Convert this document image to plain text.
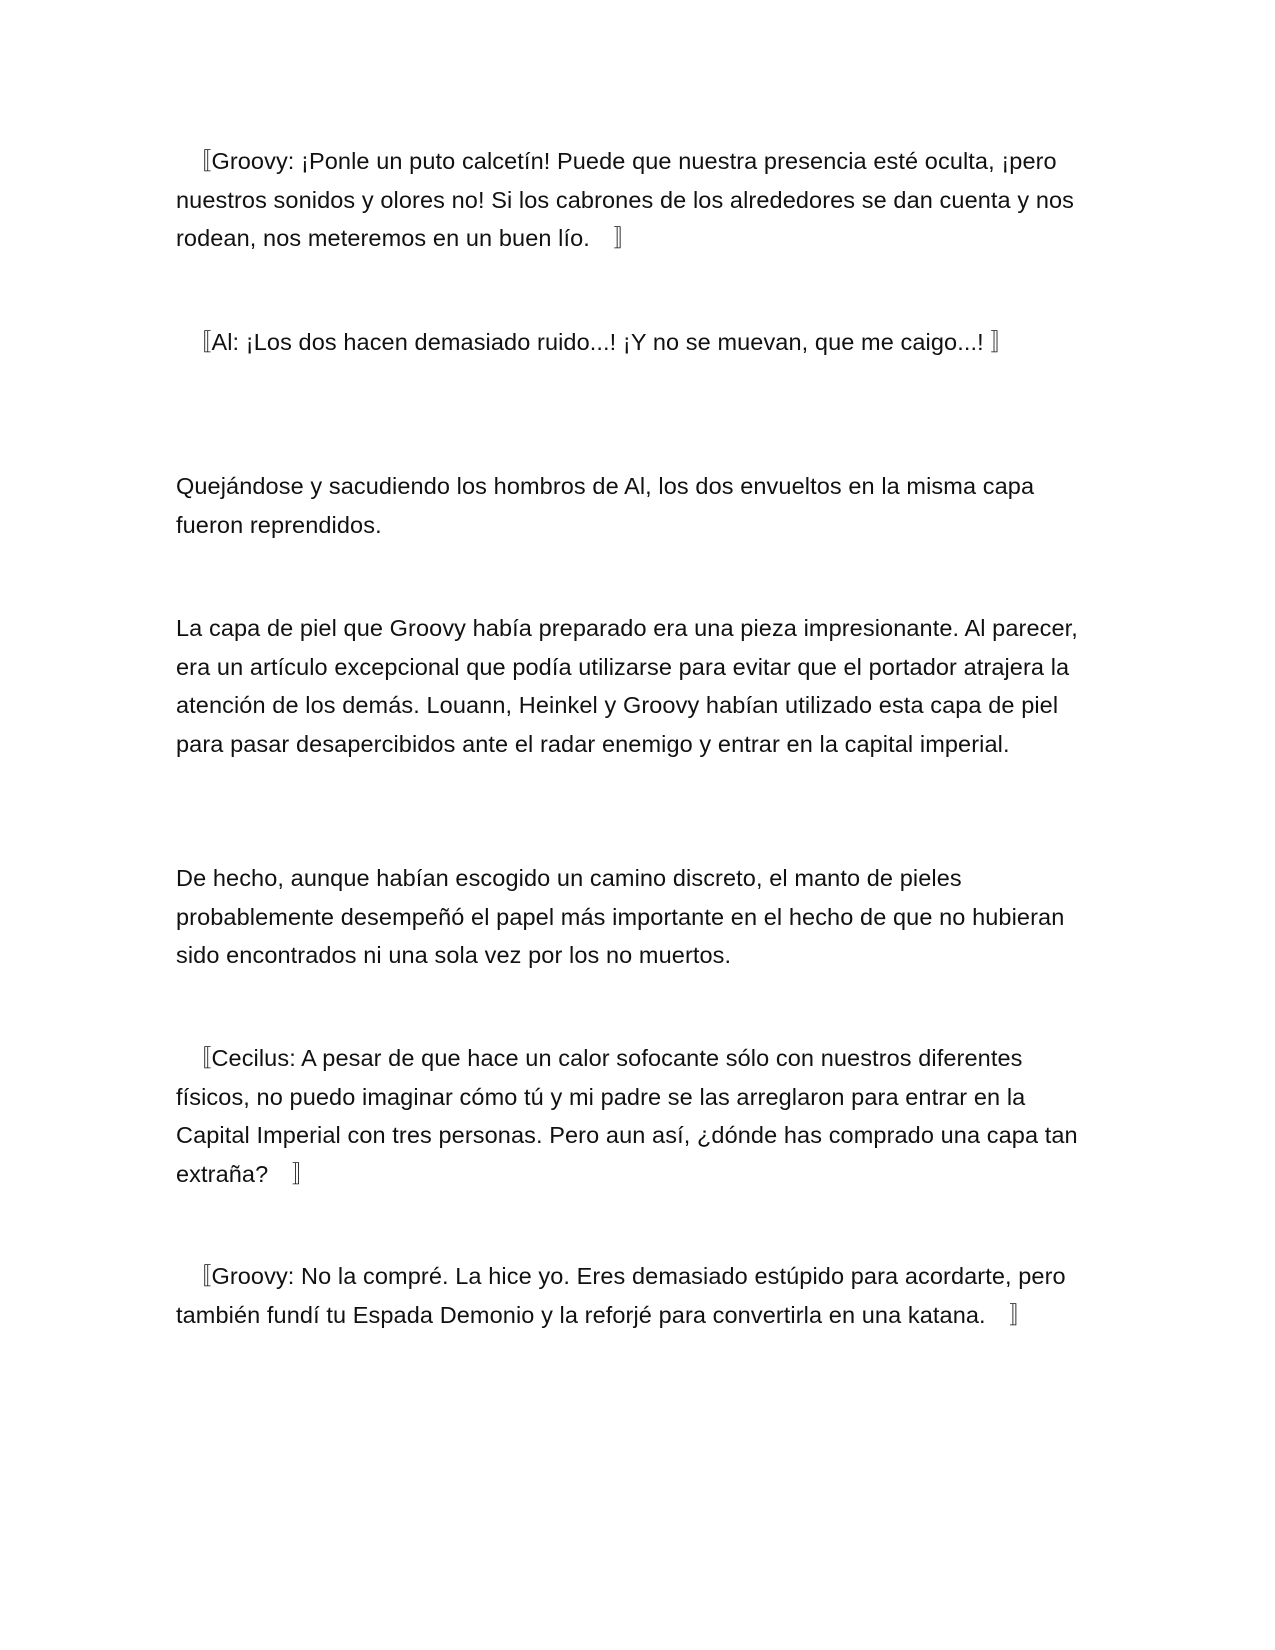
　〚Groovy: ¡Ponle un puto calcetín! Puede que nuestra presencia esté oculta, ¡pero nuestros sonidos y olores no! Si los cabrones de los alrededores se dan cuenta y nos rodean, nos meteremos en un buen lío.　〛

　〚Al: ¡Los dos hacen demasiado ruido...! ¡Y no se muevan, que me caigo...! 〛

Quejándose y sacudiendo los hombros de Al, los dos envueltos en la misma capa fueron reprendidos.

La capa de piel que Groovy había preparado era una pieza impresionante. Al parecer, era un artículo excepcional que podía utilizarse para evitar que el portador atrajera la atención de los demás. Louann, Heinkel y Groovy habían utilizado esta capa de piel para pasar desapercibidos ante el radar enemigo y entrar en la capital imperial.

De hecho, aunque habían escogido un camino discreto, el manto de pieles probablemente desempeñó el papel más importante en el hecho de que no hubieran sido encontrados ni una sola vez por los no muertos.

　〚Cecilus: A pesar de que hace un calor sofocante sólo con nuestros diferentes físicos, no puedo imaginar cómo tú y mi padre se las arreglaron para entrar en la Capital Imperial con tres personas. Pero aun así, ¿dónde has comprado una capa tan extraña?　〛

　〚Groovy: No la compré. La hice yo. Eres demasiado estúpido para acordarte, pero también fundí tu Espada Demonio y la reforjé para convertirla en una katana.　〛
